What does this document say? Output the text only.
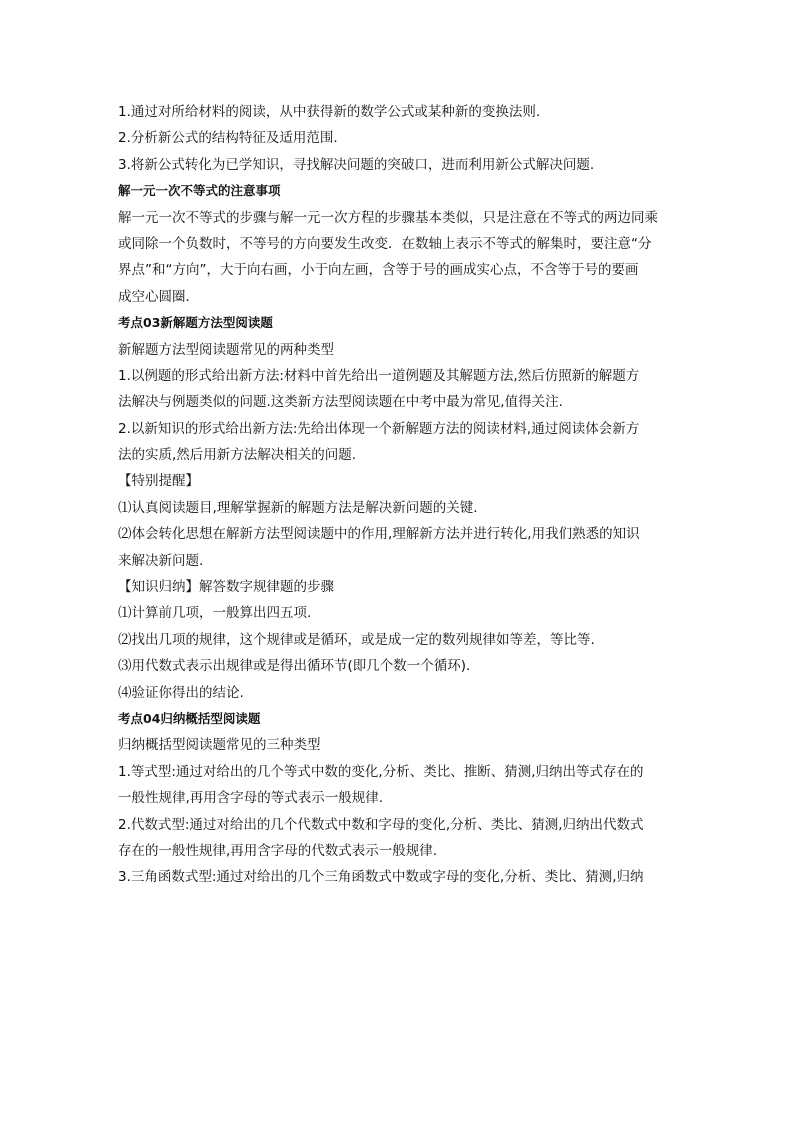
1.通过对所给材料的阅读，从中获得新的数学公式或某种新的变换法则.
2.分析新公式的结构特征及适用范围.
3.将新公式转化为已学知识，寻找解决问题的突破口，进而利用新公式解决问题.
解一元一次不等式的注意事项
解一元一次不等式的步骤与解一元一次方程的步骤基本类似，只是注意在不等式的两边同乘
或同除一个负数时，不等号的方向要发生改变．在数轴上表示不等式的解集时，要注意“分
界点”和“方向”，大于向右画，小于向左画，含等于号的画成实心点，不含等于号的要画
成空心圆圈．
考点03新解题方法型阅读题
新解题方法型阅读题常见的两种类型
1.以例题的形式给出新方法:材料中首先给出一道例题及其解题方法,然后仿照新的解题方
法解决与例题类似的问题.这类新方法型阅读题在中考中最为常见,值得关注.
2.以新知识的形式给出新方法:先给出体现一个新解题方法的阅读材料,通过阅读体会新方
法的实质,然后用新方法解决相关的问题.
【特别提醒】
⑴认真阅读题目,理解掌握新的解题方法是解决新问题的关键.
⑵体会转化思想在解新方法型阅读题中的作用,理解新方法并进行转化,用我们熟悉的知识
来解决新问题.
【知识归纳】解答数字规律题的步骤
⑴计算前几项，一般算出四五项.
⑵找出几项的规律，这个规律或是循环，或是成一定的数列规律如等差，等比等.
⑶用代数式表示出规律或是得出循环节(即几个数一个循环).
⑷验证你得出的结论.
考点04归纳概括型阅读题
归纳概括型阅读题常见的三种类型
1.等式型:通过对给出的几个等式中数的变化,分析、类比、推断、猜测,归纳出等式存在的
一般性规律,再用含字母的等式表示一般规律.
2.代数式型:通过对给出的几个代数式中数和字母的变化,分析、类比、猜测,归纳出代数式
存在的一般性规律,再用含字母的代数式表示一般规律.
3.三角函数式型:通过对给出的几个三角函数式中数或字母的变化,分析、类比、猜测,归纳
